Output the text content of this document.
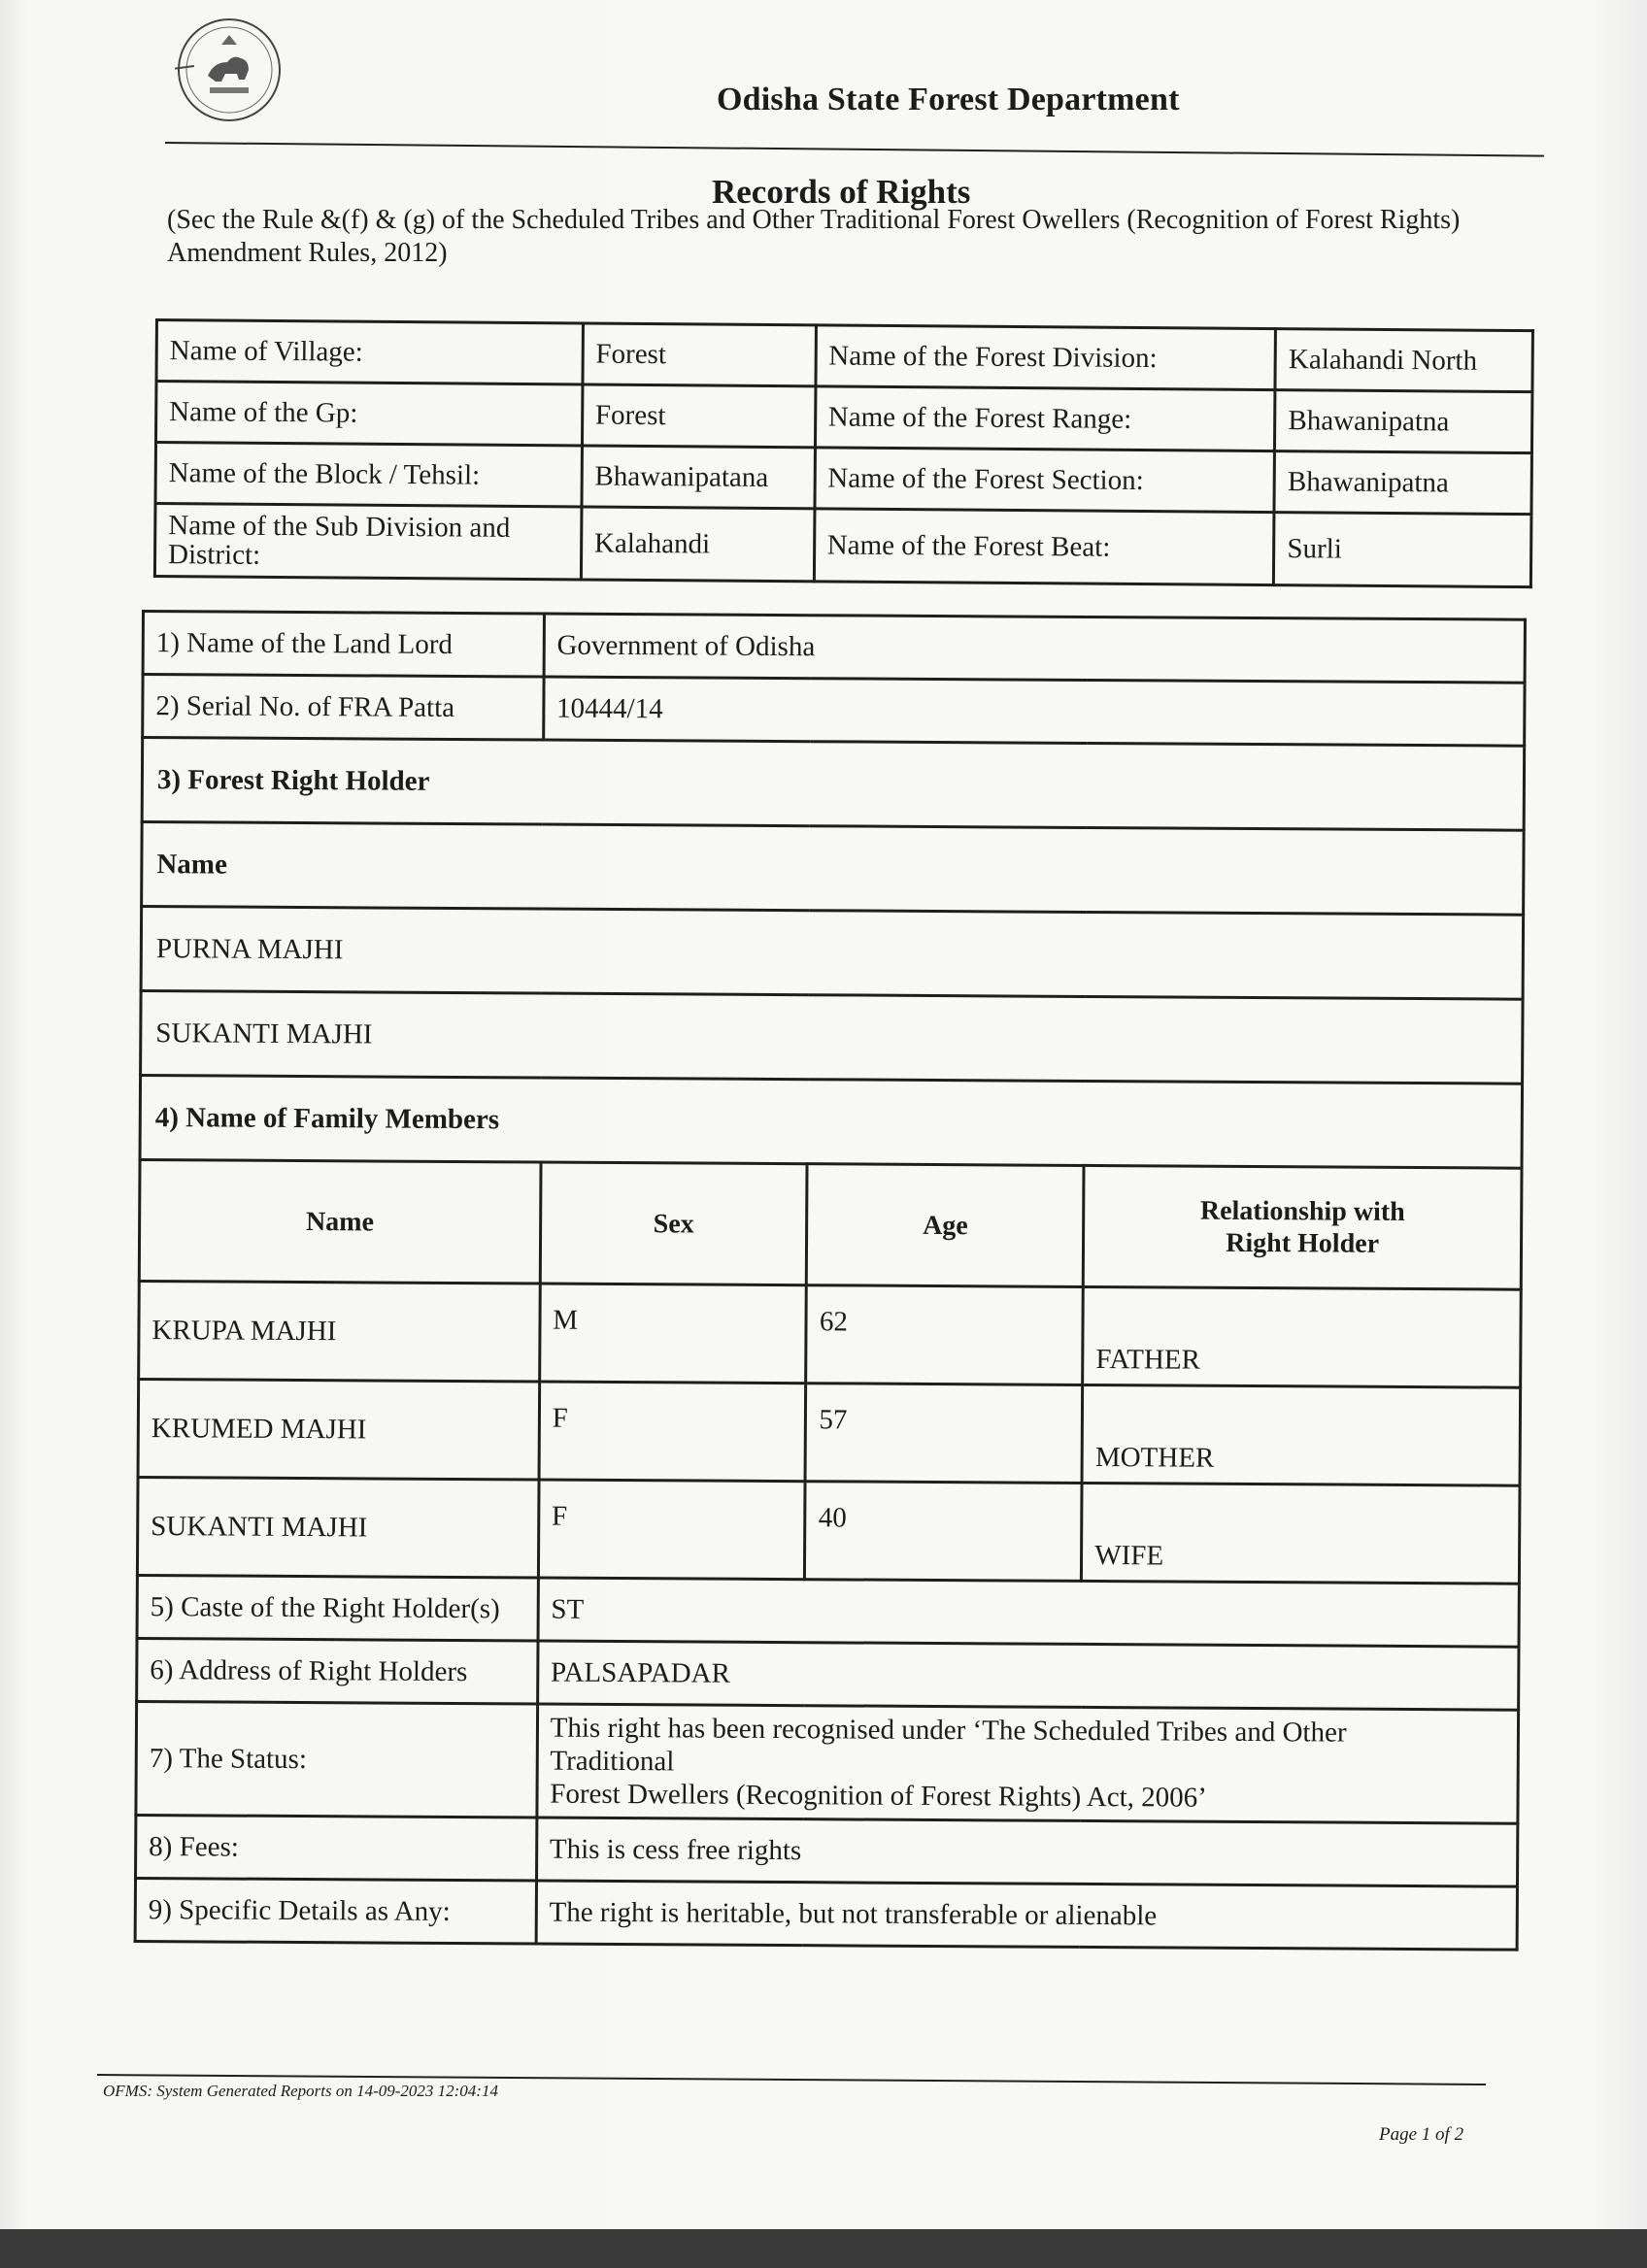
Odisha State Forest Department
Records of Rights
(Sec the Rule &(f) & (g) of the Scheduled Tribes and Other Traditional Forest Owellers (Recognition of Forest Rights) Amendment Rules, 2012)
Name of Village:	Forest	Name of the Forest Division:	Kalahandi North
Name of the Gp:	Forest	Name of the Forest Range:	Bhawanipatna
Name of the Block / Tehsil:	Bhawanipatana	Name of the Forest Section:	Bhawanipatna
Name of the Sub Division and District:	Kalahandi	Name of the Forest Beat:	Surli
1) Name of the Land Lord	Government of Odisha		
2) Serial No. of FRA Patta	10444/14		
3) Forest Right Holder			
Name			
PURNA MAJHI			
SUKANTI MAJHI			
4) Name of Family Members			
Name	Sex	Age	Relationship with Right Holder

KRUPA MAJHI	M	62	FATHER
KRUMED MAJHI	F	57	MOTHER
SUKANTI MAJHI	F	40	WIFE
5) Caste of the Right Holder(s)	ST		
6) Address of Right Holders	PALSAPADAR		
7) The Status:	This right has been recognised under ‘The Scheduled Tribes and Other Traditional
Forest Dwellers (Recognition of Forest Rights) Act, 2006’		

8) Fees:	This is cess free rights		
9) Specific Details as Any:	The right is heritable, but not transferable or alienable		
OFMS: System Generated Reports on 14-09-2023 12:04:14
Page 1 of 2
